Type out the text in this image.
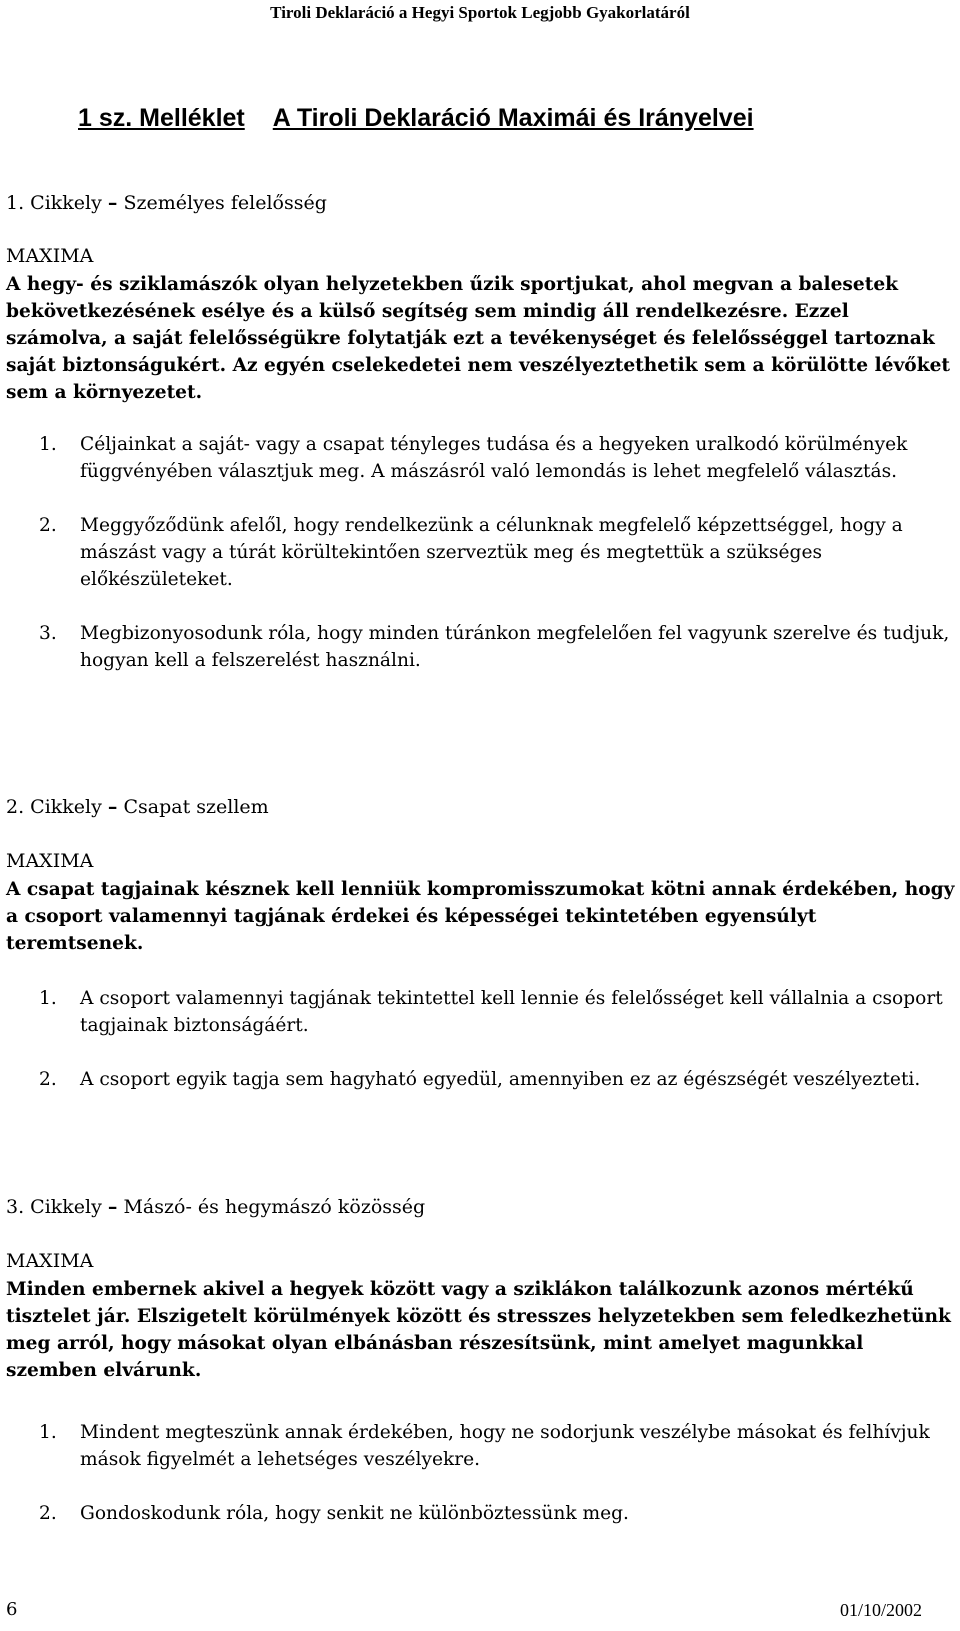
Tiroli Deklaráció a Hegyi Sportok Legjobb Gyakorlatáról
1 sz. Melléklet A Tiroli Deklaráció Maximái és Irányelvei
1. Cikkely – Személyes felelősség
MAXIMA
A hegy- és sziklamászók olyan helyzetekben űzik sportjukat, ahol megvan a balesetek bekövetkezésének esélye és a külső segítség sem mindig áll rendelkezésre. Ezzel számolva, a saját felelősségükre folytatják ezt a tevékenységet és felelősséggel tartoznak saját biztonságukért. Az egyén cselekedetei nem veszélyeztethetik sem a körülötte lévőket sem a környezetet.
1. Céljainkat a saját- vagy a csapat tényleges tudása és a hegyeken uralkodó körülmények függvényében választjuk meg. A mászásról való lemondás is lehet megfelelő választás.
2. Meggyőződünk afelől, hogy rendelkezünk a célunknak megfelelő képzettséggel, hogy a mászást vagy a túrát körültekintően szerveztük meg és megtettük a szükséges előkészületeket.
3. Megbizonyosodunk róla, hogy minden túránkon megfelelően fel vagyunk szerelve és tudjuk, hogyan kell a felszerelést használni.
2. Cikkely – Csapat szellem
MAXIMA
A csapat tagjainak késznek kell lenniük kompromisszumokat kötni annak érdekében, hogy a csoport valamennyi tagjának érdekei és képességei tekintetében egyensúlyt teremtsenek.
1. A csoport valamennyi tagjának tekintettel kell lennie és felelősséget kell vállalnia a csoport tagjainak biztonságáért.
2. A csoport egyik tagja sem hagyható egyedül, amennyiben ez az égészségét veszélyezteti.
3. Cikkely – Mászó- és hegymászó közösség
MAXIMA
Minden embernek akivel a hegyek között vagy a sziklákon találkozunk azonos mértékű tisztelet jár. Elszigetelt körülmények között és stresszes helyzetekben sem feledkezhetünk meg arról, hogy másokat olyan elbánásban részesítsünk, mint amelyet magunkkal szemben elvárunk.
1. Mindent megteszünk annak érdekében, hogy ne sodorjunk veszélybe másokat és felhívjuk mások figyelmét a lehetséges veszélyekre.
2. Gondoskodunk róla, hogy senkit ne különböztessünk meg.
6	01/10/2002
